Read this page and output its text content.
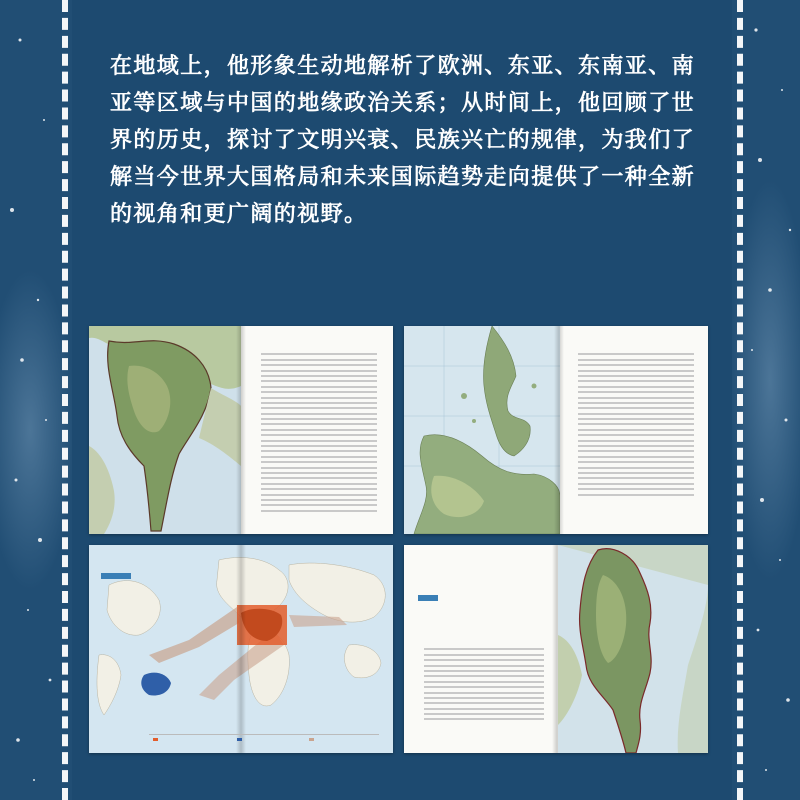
在地域上，他形象生动地解析了欧洲、东亚、东南亚、南亚等区域与中国的地缘政治关系；从时间上，他回顾了世界的历史，探讨了文明兴衰、民族兴亡的规律，为我们了解当今世界大国格局和未来国际趋势走向提供了一种全新的视角和更广阔的视野。
